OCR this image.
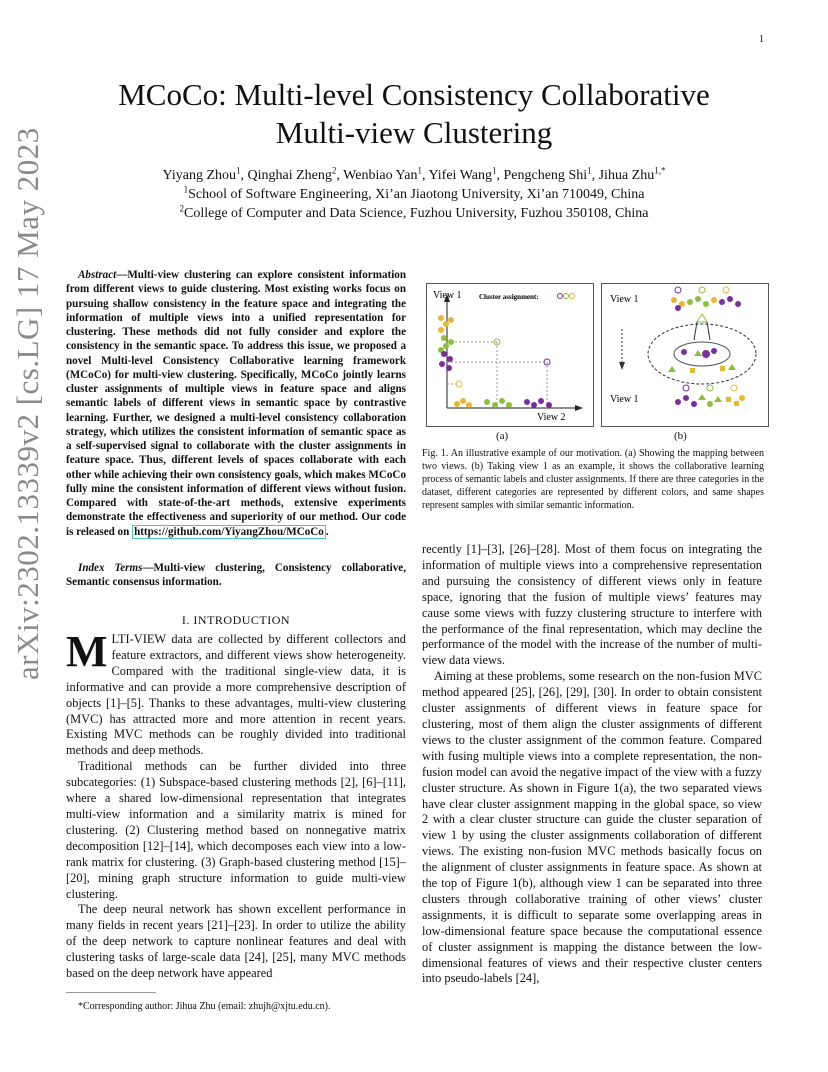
1
MCoCo: Multi-level Consistency Collaborative
Multi-view Clustering
Yiyang Zhou$^1$, Qinghai Zheng$^2$, Wenbiao Yan$^1$, Yifei Wang$^1$, Pengcheng Shi$^1$, Jihua Zhu$^{1,*}$
$^1$School of Software Engineering, Xi’an Jiaotong University, Xi’an 710049, China
$^2$College of Computer and Data Science, Fuzhou University, Fuzhou 350108, China
arXiv:2302.13339v2 [cs.LG] 17 May 2023	Abstract—Multi-view clustering can explore consistent information from different views to guide clustering. Most existing works focus on pursuing shallow consistency in the feature space and integrating the information of multiple views into a unified representation for clustering. These methods did not fully consider and explore the consistency in the semantic space. To address this issue, we proposed a novel Multi-level Consistency Collaborative learning framework (MCoCo) for multi-view clustering. Specifically, MCoCo jointly learns cluster assignments of multiple views in feature space and aligns semantic labels of different views in semantic space by contrastive learning. Further, we designed a multi-level consistency collaboration strategy, which utilizes the consistent information of semantic space as a self-supervised signal to collaborate with the cluster assignments in feature space. Thus, different levels of spaces collaborate with each other while achieving their own consistency goals, which makes MCoCo fully mine the consistent information of different views without fusion. Compared with state-of-the-art methods, extensive experiments demonstrate the effectiveness and superiority of our method. Our code is released on https://github.com/YiyangZhou/MCoCo .

Index Terms—Multi-view clustering, Consistency collaborative, Semantic consensus information.

I. INTRODUCTION

MLTI-VIEW data are collected by different collectors and feature extractors, and different views show heterogeneity. Compared with the traditional single-view data, it is informative and can provide a more comprehensive description of objects [1]–[5]. Thanks to these advantages, multi-view clustering (MVC) has attracted more and more attention in recent years. Existing MVC methods can be roughly divided into traditional methods and deep methods.

Traditional methods can be further divided into three subcategories: (1) Subspace-based clustering methods [2], [6]–[11], where a shared low-dimensional representation that integrates multi-view information and a similarity matrix is mined for clustering. (2) Clustering method based on nonnegative matrix decomposition [12]–[14], which decomposes each view into a low-rank matrix for clustering. (3) Graph-based clustering method [15]–[20], mining graph structure information to guide multi-view clustering.

The deep neural network has shown excellent performance in many fields in recent years [21]–[23]. In order to utilize the ability of the deep network to capture nonlinear features and deal with clustering tasks of large-scale data [24], [25], many MVC methods based on the deep network have appeared

*Corresponding author: Jihua Zhu (email: zhujh@xjtu.edu.cn).
View 1
View 2
Cluster assignment:	View 1
View 1
(a)	(b)
Fig. 1. An illustrative example of our motivation. (a) Showing the mapping between two views. (b) Taking view 1 as an example, it shows the collaborative learning process of semantic labels and cluster assignments. If there are three categories in the dataset, different categories are represented by different colors, and same shapes represent samples with similar semantic information.

recently [1]–[3], [26]–[28]. Most of them focus on integrating the information of multiple views into a comprehensive representation and pursuing the consistency of different views only in feature space, ignoring that the fusion of multiple views’ features may cause some views with fuzzy clustering structure to interfere with the performance of the final representation, which may decline the performance of the model with the increase of the number of multi-view data views.

Aiming at these problems, some research on the non-fusion MVC method appeared [25], [26], [29], [30]. In order to obtain consistent cluster assignments of different views in feature space for clustering, most of them align the cluster assignments of different views to the cluster assignment of the common feature. Compared with fusing multiple views into a complete representation, the non-fusion model can avoid the negative impact of the view with a fuzzy cluster structure. As shown in Figure 1(a), the two separated views have clear cluster assignment mapping in the global space, so view 2 with a clear cluster structure can guide the cluster separation of view 1 by using the cluster assignments collaboration of different views. The existing non-fusion MVC methods basically focus on the alignment of cluster assignments in feature space. As shown at the top of Figure 1(b), although view 1 can be separated into three clusters through collaborative training of other views’ cluster assignments, it is difficult to separate some overlapping areas in low-dimensional feature space because the computational essence of cluster assignment is mapping the distance between the low-dimensional features of views and their respective cluster centers into pseudo-labels [24],
